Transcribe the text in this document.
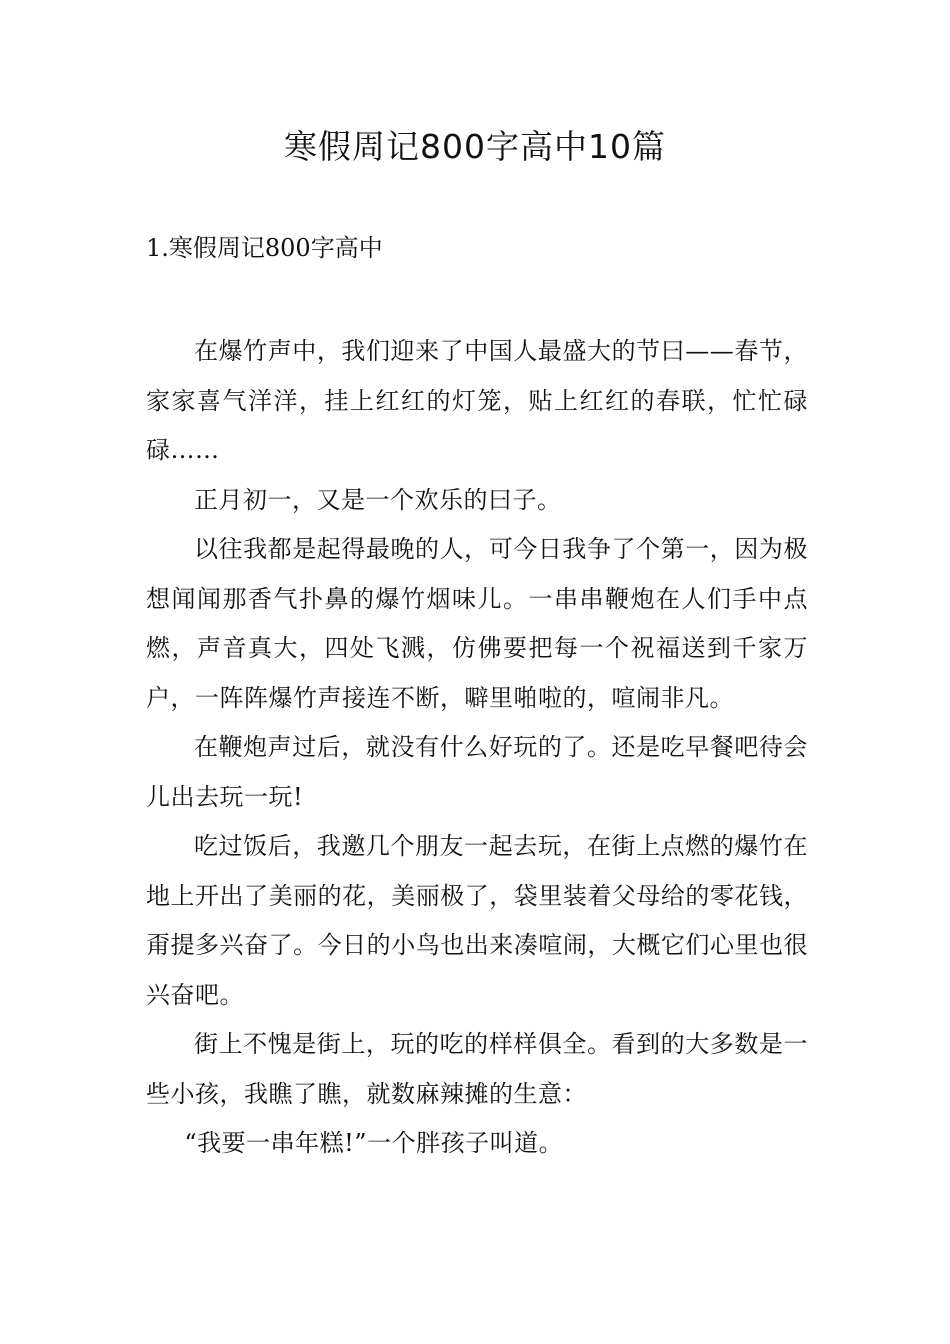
寒假周记800字高中10篇
1.寒假周记800字高中

在爆竹声中，我们迎来了中国人最盛大的节曰——春节，家家喜气洋洋，挂上红红的灯笼，贴上红红的春联，忙忙碌碌……

正月初一，又是一个欢乐的曰子。

以往我都是起得最晚的人，可今日我争了个第一，因为极想闻闻那香气扑鼻的爆竹烟味儿。一串串鞭炮在人们手中点燃，声音真大，四处飞溅，仿佛要把每一个祝福送到千家万户，一阵阵爆竹声接连不断，噼里啪啦的，喧闹非凡。

在鞭炮声过后，就没有什么好玩的了。还是吃早餐吧待会儿出去玩一玩!

吃过饭后，我邀几个朋友一起去玩，在街上点燃的爆竹在地上开出了美丽的花，美丽极了，袋里装着父母给的零花钱，甭提多兴奋了。今日的小鸟也出来凑喧闹，大概它们心里也很兴奋吧。

街上不愧是街上，玩的吃的样样俱全。看到的大多数是一些小孩，我瞧了瞧，就数麻辣摊的生意：

“我要一串年糕!”一个胖孩子叫道。
